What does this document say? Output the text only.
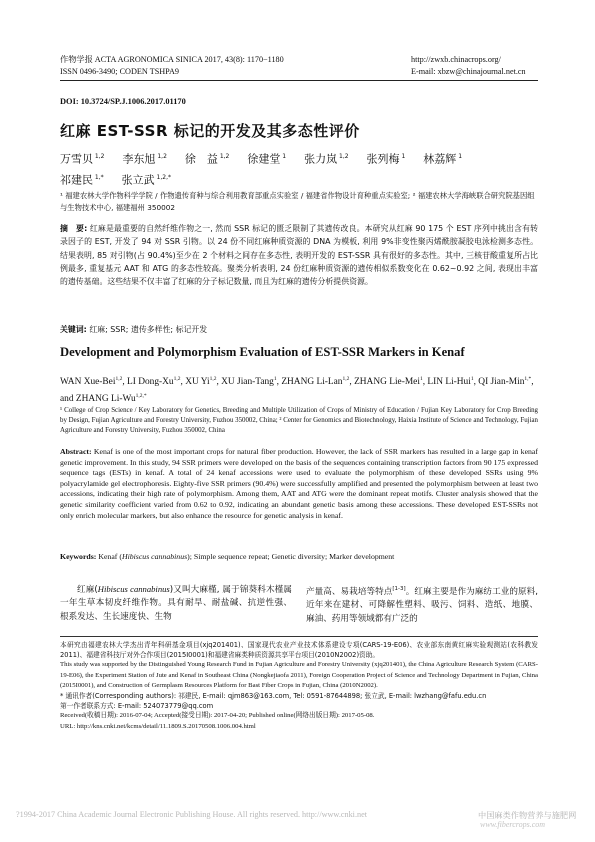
作物学报 ACTA AGRONOMICA SINICA 2017, 43(8): 1170−1180
ISSN 0496-3490; CODEN TSHPA9
http://zwxb.chinacrops.org/
E-mail: xbzw@chinajournal.net.cn
DOI: 10.3724/SP.J.1006.2017.01170
红麻 EST-SSR 标记的开发及其多态性评价
万雪贝 $^{1,2}$ 李东旭 $^{1,2}$ 徐　益 $^{1,2}$ 徐建堂 $^1$ 张力岚 $^{1,2}$ 张列梅 $^1$ 林荔辉 $^1$祁建民 $^{1,*}$ 张立武 $^{1,2,*}$
¹ 福建农林大学作物科学学院 / 作物遗传育种与综合利用教育部重点实验室 / 福建省作物设计育种重点实验室; ² 福建农林大学海峡联合研究院基因组与生物技术中心, 福建福州 350002
摘　要: 红麻是最重要的自然纤维作物之一, 然而 SSR 标记的匮乏限制了其遗传改良。本研究从红麻 90 175 个 EST 序列中挑出含有转录因子的 EST, 开发了 94 对 SSR 引物。以 24 份不同红麻种质资源的 DNA 为模板, 利用 9%非变性聚丙烯酰胺凝胶电泳检测多态性。结果表明, 85 对引物(占 90.4%)至少在 2 个材料之间存在多态性, 表明开发的 EST-SSR 具有很好的多态性。其中, 三核苷酸重复所占比例最多, 重复基元 AAT 和 ATG 的多态性较高。聚类分析表明, 24 份红麻种质资源的遗传相似系数变化在 0.62~0.92 之间, 表现出丰富的遗传基础。这些结果不仅丰富了红麻的分子标记数量, 而且为红麻的遗传分析提供资源。
关键词: 红麻; SSR; 遗传多样性; 标记开发
Development and Polymorphism Evaluation of EST-SSR Markers in Kenaf
WAN Xue-Bei$^{1,2}$, LI Dong-Xu$^{1,2}$, XU Yi$^{1,2}$, XU Jian-Tang$^1$, ZHANG Li-Lan$^{1,2}$, ZHANG Lie-Mei$^1$, LIN Li-Hui$^1$, QI Jian-Min$^{1,*}$, and ZHANG $Li-Wu^{1,2,*}$
¹ College of Crop Science / Key Laboratory for Genetics, Breeding and Multiple Utilization of Crops of Ministry of Education / Fujian Key Laboratory for Crop Breeding by Design, Fujian Agriculture and Forestry University, Fuzhou 350002, China; ² Center for Genomics and Biotechnology, Haixia Institute of Science and Technology, Fujian Agriculture and Forestry University, Fuzhou 350002, China
Abstract: Kenaf is one of the most important crops for natural fiber production. However, the lack of SSR markers has resulted in a large gap in kenaf genetic improvement. In this study, 94 SSR primers were developed on the basis of the sequences containing transcription factors from 90 175 expressed sequence tags (ESTs) in kenaf. A total of 24 kenaf accessions were used to evaluate the polymorphism of these developed SSRs using 9% polyacrylamide gel electrophoresis. Eighty-five SSR primers (90.4%) were successfully amplified and presented the polymorphism between at least two accessions, indicating their high rate of polymorphism. Among them, AAT and ATG were the dominant repeat motifs. Cluster analysis showed that the genetic similarity coefficient varied from 0.62 to 0.92, indicating an abundant genetic basis among these accessions. These developed EST-SSRs not only enrich molecular markers, but also enhance the resource for genetic analysis in kenaf.
Keywords: Kenaf (Hibiscus cannabinus); Simple sequence repeat; Genetic diversity; Marker development
红麻(Hibiscus cannabinus)又叫大麻槿, 属于锦葵科木槿属一年生草本韧皮纤维作物。具有耐旱、耐盐碱、抗逆性强、根系发达、生长速度快、生物
产量高、易栽培等特点[1-3]。红麻主要是作为麻纺工业的原料, 近年来在建材、可降解性塑料、吸污、饲料、造纸、地膜、麻油、药用等领域都有广泛的

本研究由福建农林大学杰出青年科研基金项目(xjq201401)、国家现代农业产业技术体系建设专项(CARS-19-E06)、农业部东南黄红麻实验观测站(农科教发 2011)、福建省科技厅对外合作项目(2015I0001)和福建省麻类种质资源共享平台项目(2010N2002)资助。

This study was supported by the Distinguished Young Research Fund in Fujian Agriculture and Forestry University (xjq201401), the China Agriculture Research System (CARS-19-E06), the Experiment Station of Jute and Kenaf in Southeast China (Nongkejiaofa 2011), Foreign Cooperation Project of Science and Technology Department in Fujian, China (2015I0001), and Construction of Germplasm Resources Platform for Bast Fiber Crops in Fujian, China (2010N2002).

* 通讯作者(Corresponding authors): 祁建民, E-mail: qjm863@163.com, Tel: 0591-87644898; 张立武, E-mail: lwzhang@fafu.edu.cn

第一作者联系方式: E-mail: 524073779@qq.com

Received(收稿日期): 2016-07-04; Accepted(接受日期): 2017-04-20; Published online(网络出版日期): 2017-05-08.

URL: http://kns.cnki.net/kcms/detail/11.1809.S.20170508.1006.004.html

?1994-2017 China Academic Journal Electronic Publishing House. All rights reserved. http://www.cnki.net	中国麻类作物营养与施肥网
www.fibercrops.com
